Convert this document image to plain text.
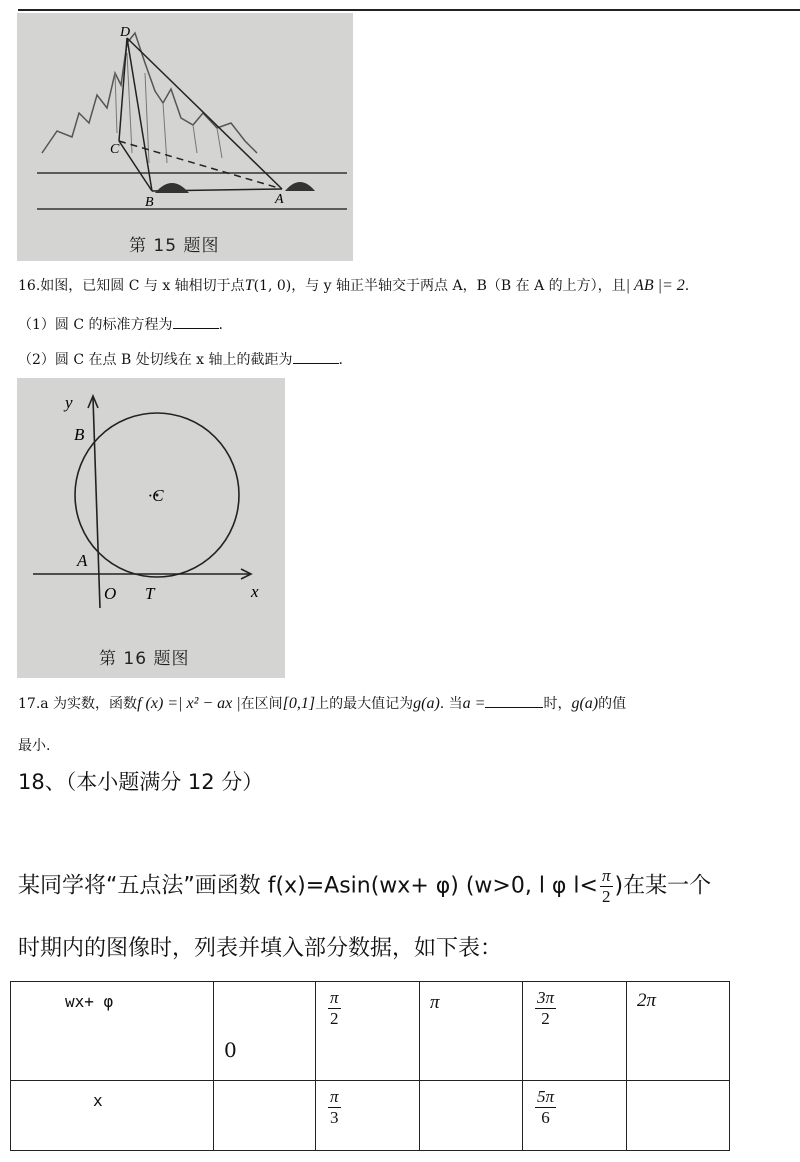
D
C
B	A
第 15 题图
16.如图，已知圆 C 与 x 轴相切于点T(1, 0)，与 y 轴正半轴交于两点 A，B（B 在 A 的上方），且| AB |= 2.
（1）圆 C 的标准方程为	.
（2）圆 C 在点 B 处切线在 x 轴上的截距为	.
y
B
·C
A
O T	x
第 16 题图
17.a 为实数，函数f (x) =| x² − ax |在区间[0,1]上的最大值记为g(a). 当a =	时，g(a)的值
最小.
18、（本小题满分 12 分）
某同学将“五点法”画函数 f(x)=Asin(wx+ φ) (w>0, l φ $l< \frac{\pi}{2}$ )在某一个
时期内的图像时，列表并填入部分数据，如下表：
wx+ φ	0	$\frac{\pi}{2}$	π	$\frac{3\pi}{2}$	2π

x		$\frac{\pi}{3}$		$\frac{5\pi}{6}$
